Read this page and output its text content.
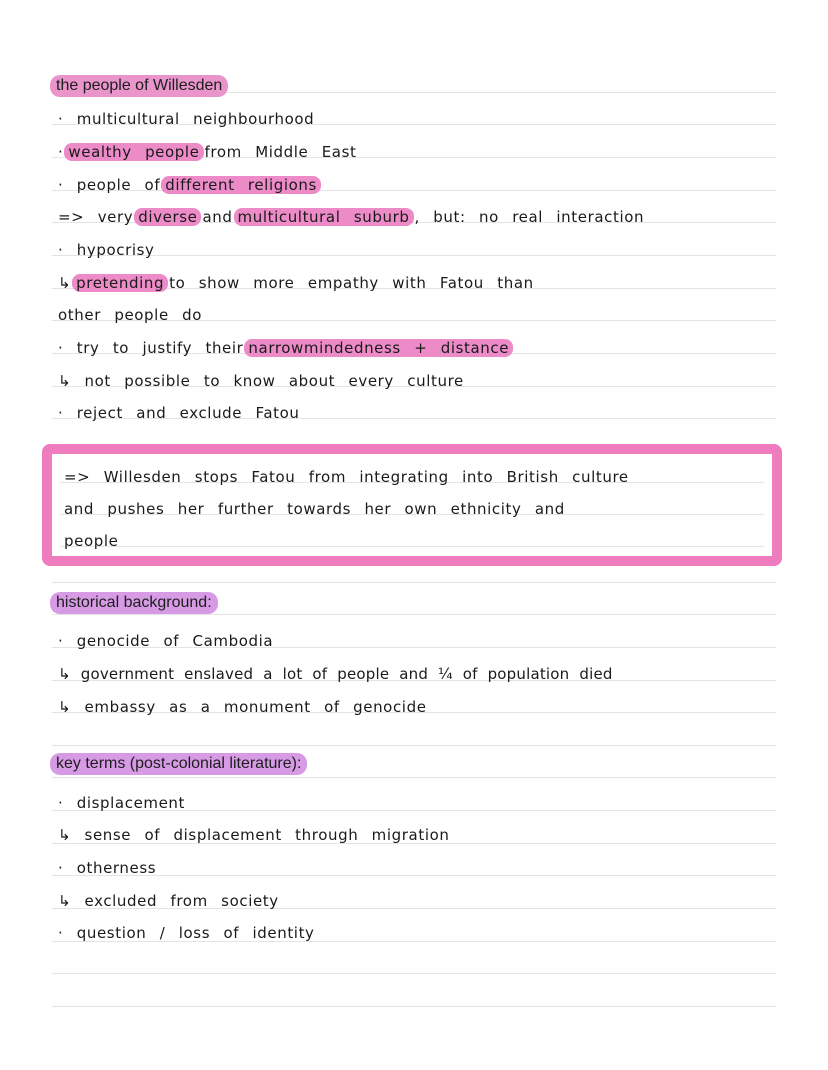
the people of Willesden
· multicultural neighbourhood
· wealthy people from Middle East
· people of different religions
=> very diverse and multicultural suburb , but: no real interaction
· hypocrisy
↳ pretending to show more empathy with Fatou than
other people do
· try to justify their narrowmindedness + distance
↳ not possible to know about every culture
· reject and exclude Fatou
=> Willesden stops Fatou from integrating into British culture
and pushes her further towards her own ethnicity and
people
historical background:
· genocide of Cambodia
↳ government enslaved a lot of people and ¼ of population died
↳ embassy as a monument of genocide
key terms (post-colonial literature):
· displacement
↳ sense of displacement through migration
· otherness
↳ excluded from society
· question / loss of identity
